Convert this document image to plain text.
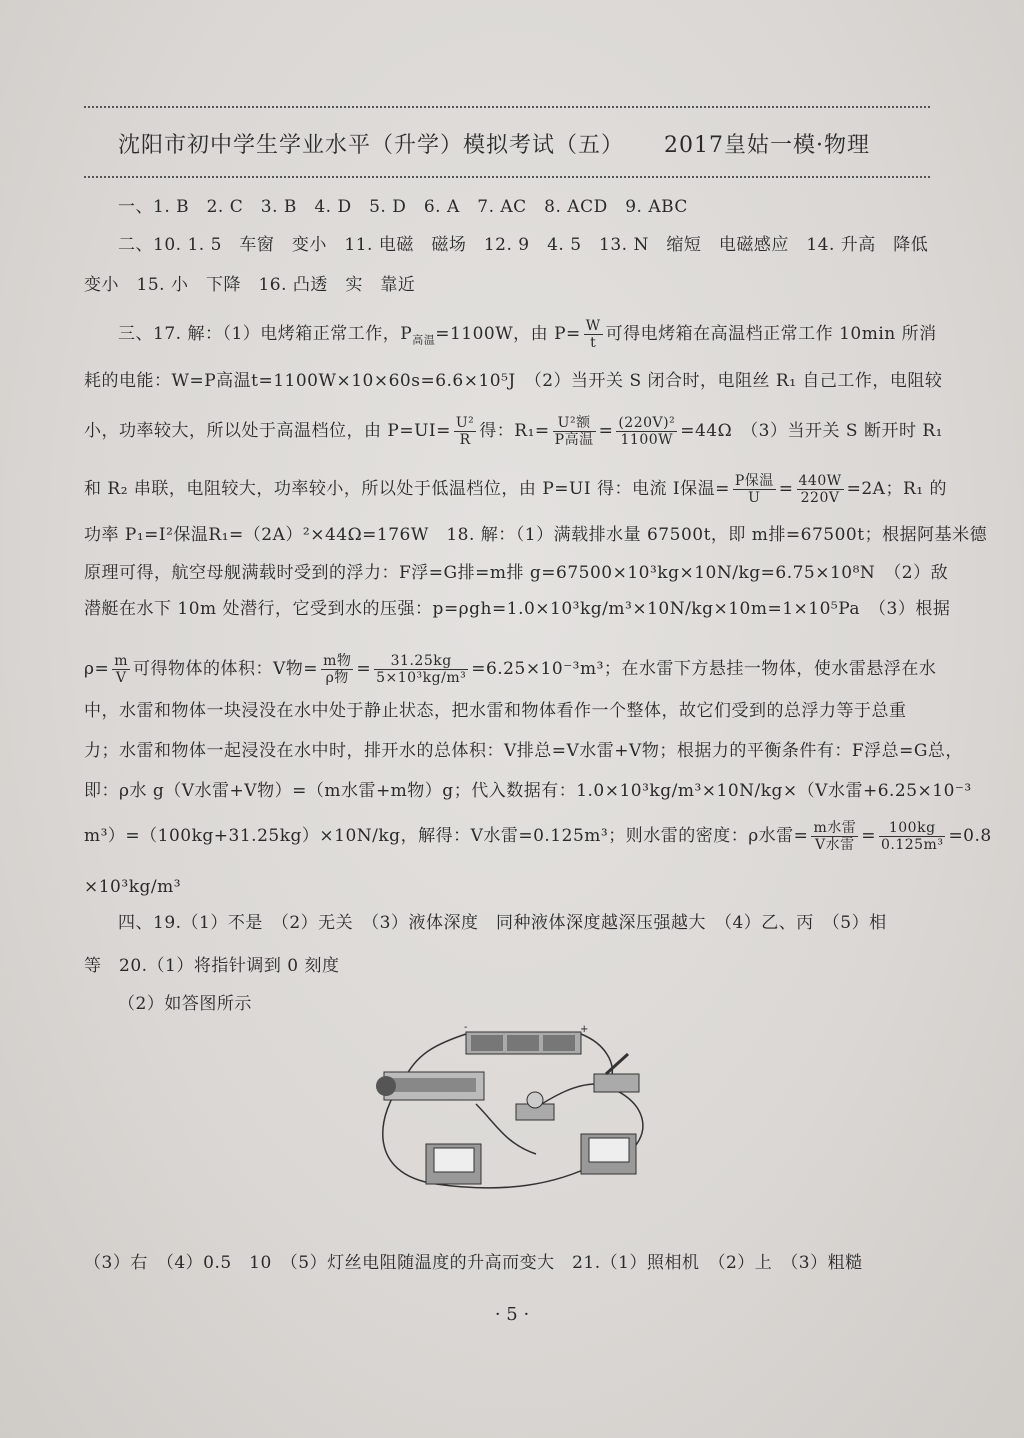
沈阳市初中学生学业水平（升学）模拟考试（五） 2017皇姑一模·物理
一、1. B　2. C　3. B　4. D　5. D　6. A　7. AC　8. ACD　9. ABC
二、10. 1. 5　车窗　变小　11. 电磁　磁场　12. 9　4. 5　13. N　缩短　电磁感应　14. 升高　降低
变小　15. 小　下降　16. 凸透　实　靠近
三、17. 解：（1）电烤箱正常工作，$P_{高温}=1100W$，由 $P= \frac{W}{t}$ 可得电烤箱在高温档正常工作 10min 所消
耗的电能：W=P高温t=1100W×10×60s=6.6×10⁵J　（2）当开关 S 闭合时，电阻丝 R₁ 自己工作，电阻较
小，功率较大，所以处于高温档位，由 $P=UI= \frac{\text{U²}}{R}$ 得：$R_1= \frac{\text{U²额}}{\text{P高温}} = \frac{\text{(220V)²}}{1100W} =44\Omega$　（3）当开关 S 断开时 R₁
和 R₂ 串联，电阻较大，功率较小，所以处于低温档位，由 P=UI 得：电流 I保温= $\frac{\text{P保温}}{U} = \frac{440W}{220V} =2A$；R₁ 的
功率 P₁=I²保温R₁=（2A）²×44Ω=176W　18. 解：（1）满载排水量 67500t，即 m排=67500t；根据阿基米德
原理可得，航空母舰满载时受到的浮力：F浮=G排=m排 g=67500×10³kg×10N/kg=6.75×10⁸N　（2）敌
潜艇在水下 10m 处潜行，它受到水的压强：p=ρgh=1.0×10³kg/m³×10N/kg×10m=1×10⁵Pa　（3）根据
$\rho= \frac{m}{V}$ 可得物体的体积：V物= $\frac{\text{m物}}{\text{ρ物}} = \frac{31.25kg}{\text{5×10³kg/m³}} =6.25\times 10^{-3}m^3$；在水雷下方悬挂一物体，使水雷悬浮在水
中，水雷和物体一块浸没在水中处于静止状态，把水雷和物体看作一个整体，故它们受到的总浮力等于总重
力；水雷和物体一起浸没在水中时，排开水的总体积：V排总=V水雷+V物；根据力的平衡条件有：F浮总=G总，
即：ρ水 g（V水雷+V物）=（m水雷+m物）g；代入数据有：1.0×10³kg/m³×10N/kg×（V水雷+6.25×10⁻³
m³）=（100kg+31.25kg）×10N/kg，解得：V水雷=0.125m³；则水雷的密度：ρ水雷= $\frac{\text{m水雷}}{\text{V水雷}} = \frac{100kg}{\text{0.125m³}} =0.8$
×10³kg/m³
四、19.（1）不是　（2）无关　（3）液体深度　同种液体深度越深压强越大　（4）乙、丙　（5）相
等　20.（1）将指针调到 0 刻度
（2）如答图所示
-	+
（3）右　（4）0.5　10　（5）灯丝电阻随温度的升高而变大　21.（1）照相机　（2）上　（3）粗糙
· 5 ·
